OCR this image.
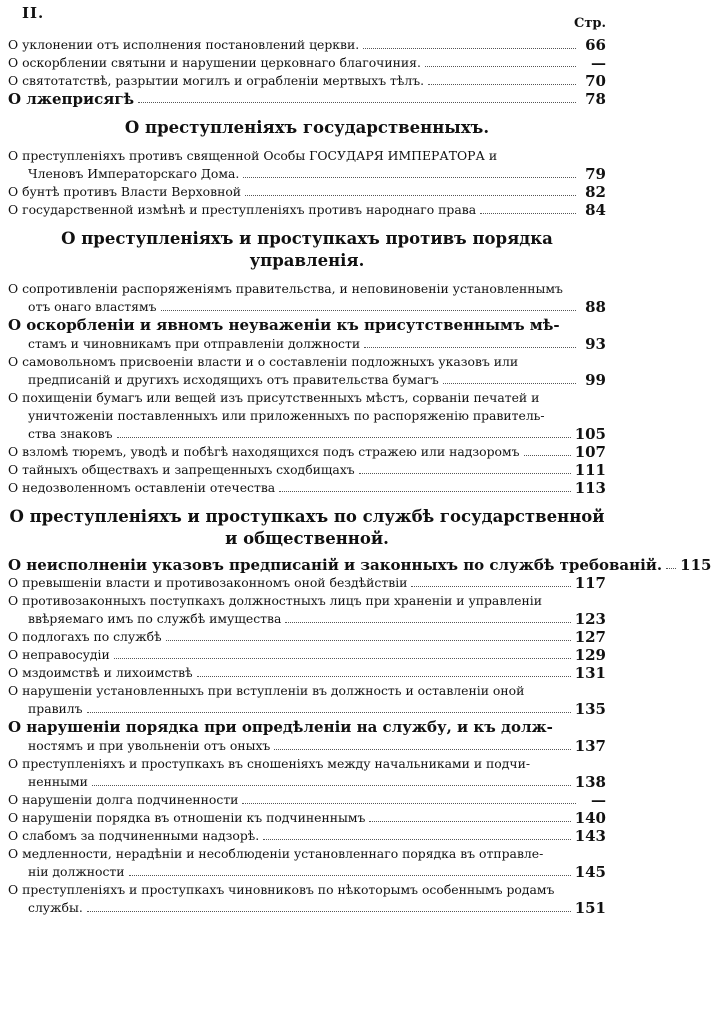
II.
Стр.
О уклонении отъ исполнения постановлений церкви.	66
О оскорблении святыни и нарушении церковнаго благочиния.	—
О святотатствѣ, разрытии могилъ и ограбленiи мертвыхъ тѣлъ.	70
О лжеприсягѣ	78
О преступленiяхъ государственныхъ.
О преступленiяхъ противъ священной Особы ГОСУДАРЯ ИМПЕРАТОРА и
Членовъ Императорскаго Дома.	79
О бунтѣ противъ Власти Верховной	82
О государственной измѣнѣ и преступленiяхъ противъ народнаго права	84
О преступленiяхъ и проступкахъ противъ порядка управленiя.
О сопротивленiи распоряженiямъ правительства, и неповиновенiи установленнымъ
отъ онаго властямъ	88
О оскорбленiи и явномъ неуваженiи къ присутственнымъ мѣ-
стамъ и чиновникамъ при отправленiи должности	93
О самовольномъ присвоенiи власти и о составленiи подложныхъ указовъ или
предписанiй и другихъ исходящихъ отъ правительства бумагъ	99
О похищенiи бумагъ или вещей изъ присутственныхъ мѣстъ, сорванiи печатей и
уничтоженiи поставленныхъ или приложенныхъ по распоряженiю правитель-
ства знаковъ	105
О взломѣ тюремъ, уводѣ и побѣгѣ находящихся подъ стражею или надзоромъ	107
О тайныхъ обществахъ и запрещенныхъ сходбищахъ	111
О недозволенномъ оставленiи отечества	113
О преступленiяхъ и проступкахъ по службѣ государственной
и общественной.
О неисполненiи указовъ предписанiй и законныхъ по службѣ требованiй. 115
О превышенiи власти и противозаконномъ оной бездѣйствiи	117
О противозаконныхъ поступкахъ должностныхъ лицъ при храненiи и управленiи
ввѣряемаго имъ по службѣ имущества	123
О подлогахъ по службѣ	127
О неправосудiи	129
О мздоимствѣ и лихоимствѣ	131
О нарушенiи установленныхъ при вступленiи въ должность и оставленiи оной
правилъ	135
О нарушенiи порядка при опредѣленiи на службу, и къ долж-
ностямъ и при увольненiи отъ оныхъ	137
О преступленiяхъ и проступкахъ въ сношенiяхъ между начальниками и подчи-
ненными	138
О нарушенiи долга подчиненности	—
О нарушенiи порядка въ отношенiи къ подчиненнымъ	140
О слабомъ за подчиненными надзорѣ.	143
О медленности, нерадѣнiи и несоблюденiи установленнаго порядка въ отправле-
нiи должности	145
О преступленiяхъ и проступкахъ чиновниковъ по нѣкоторымъ особеннымъ родамъ
службы.	151
